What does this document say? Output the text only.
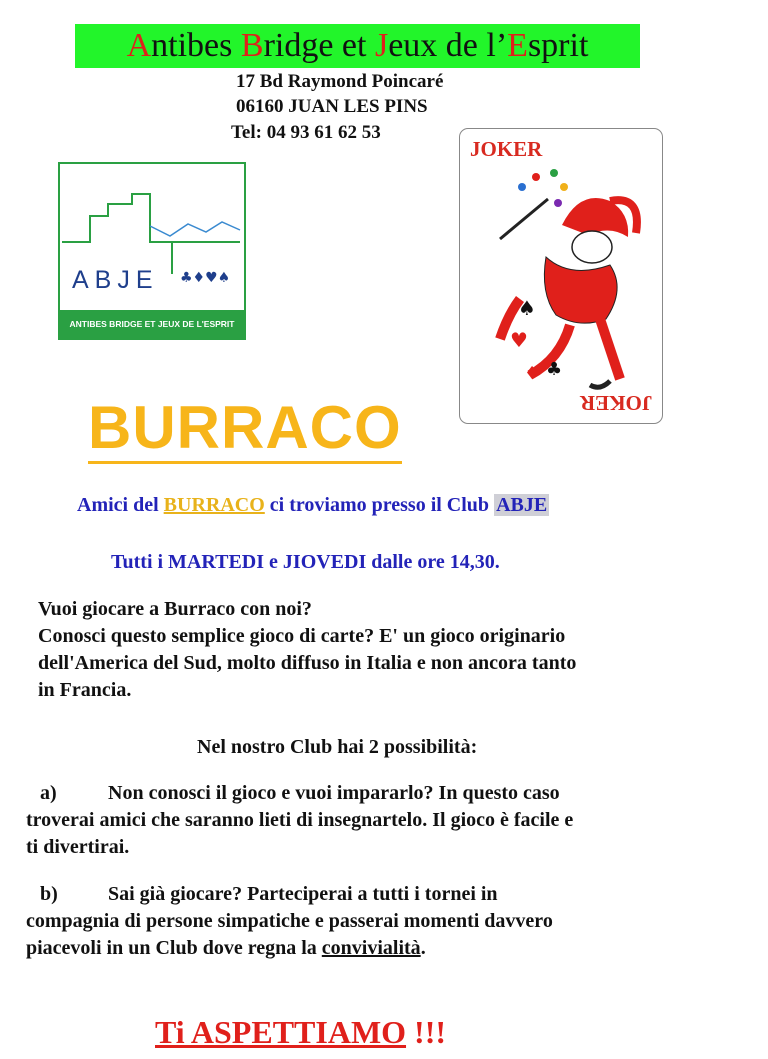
Antibes Bridge et Jeux de l’Esprit
17 Bd Raymond Poincaré
06160 JUAN LES PINS
Tel: 04 93 61 62 53
ABJE ♣♦♥♠
ANTIBES BRIDGE ET JEUX DE L'ESPRIT
JOKER
♠
♥
♦ ♣
JOKER
BURRACO
Amici del BURRACO ci troviamo presso il Club ABJE
Tutti i MARTEDI e JIOVEDI dalle ore 14,30.
Vuoi giocare a Burraco con noi?
Conosci questo semplice gioco di carte? E' un gioco originario
dell'America del Sud, molto diffuso in Italia e non ancora tanto
in Francia.
Nel nostro Club hai 2 possibilità:
a)	Non conosci il gioco e vuoi impararlo? In questo caso
troverai amici che saranno lieti di insegnartelo. Il gioco è facile e
ti divertirai.
b)	Sai già giocare? Parteciperai a tutti i tornei in
compagnia di persone simpatiche e passerai momenti davvero
piacevoli in un Club dove regna la convivialità.
Ti ASPETTIAMO !!!
